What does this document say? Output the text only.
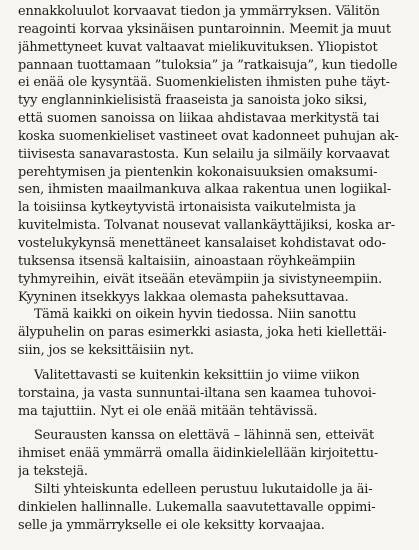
ennakkoluulot korvaavat tiedon ja ymmärryksen. Välitön
reagointi korvaa yksinäisen puntaroinnin. Meemit ja muut
jähmettyneet kuvat valtaavat mielikuvituksen. Yliopistot
pannaan tuottamaan ”tuloksia” ja ”ratkaisuja”, kun tiedolle
ei enää ole kysyntää. Suomenkielisten ihmisten puhe täyt-
tyy englanninkielisistä fraaseista ja sanoista joko siksi,
että suomen sanoissa on liikaa ahdistavaa merkitystä tai
koska suomenkieliset vastineet ovat kadonneet puhujan ak-
tiivisesta sanavarastosta. Kun selailu ja silmäily korvaavat
perehtymisen ja pientenkin kokonaisuuksien omaksumi-
sen, ihmisten maailmankuva alkaa rakentua unen logiikal-
la toisiinsa kytkeytyvistä irtonaisista vaikutelmista ja
kuvitelmista. Tolvanat nousevat vallankäyttäjiksi, koska ar-
vostelukykynsä menettäneet kansalaiset kohdistavat odo-
tuksensa itsensä kaltaisiin, ainoastaan röyhkeämpiin
tyhmyreihin, eivät itseään etevämpiin ja sivistyneempiin.
Kyyninen itsekkyys lakkaa olemasta paheksuttavaa.
Tämä kaikki on oikein hyvin tiedossa. Niin sanottu
älypuhelin on paras esimerkki asiasta, joka heti kiellettäi-
siin, jos se keksittäisiin nyt.
Valitettavasti se kuitenkin keksittiin jo viime viikon
torstaina, ja vasta sunnuntai-iltana sen kaamea tuhovoi-
ma tajuttiin. Nyt ei ole enää mitään tehtävissä.
Seurausten kanssa on elettävä – lähinnä sen, etteivät
ihmiset enää ymmärrä omalla äidinkielellään kirjoitettu-
ja tekstejä.
Silti yhteiskunta edelleen perustuu lukutaidolle ja äi-
dinkielen hallinnalle. Lukemalla saavutettavalle oppimi-
selle ja ymmärrykselle ei ole keksitty korvaajaa.
